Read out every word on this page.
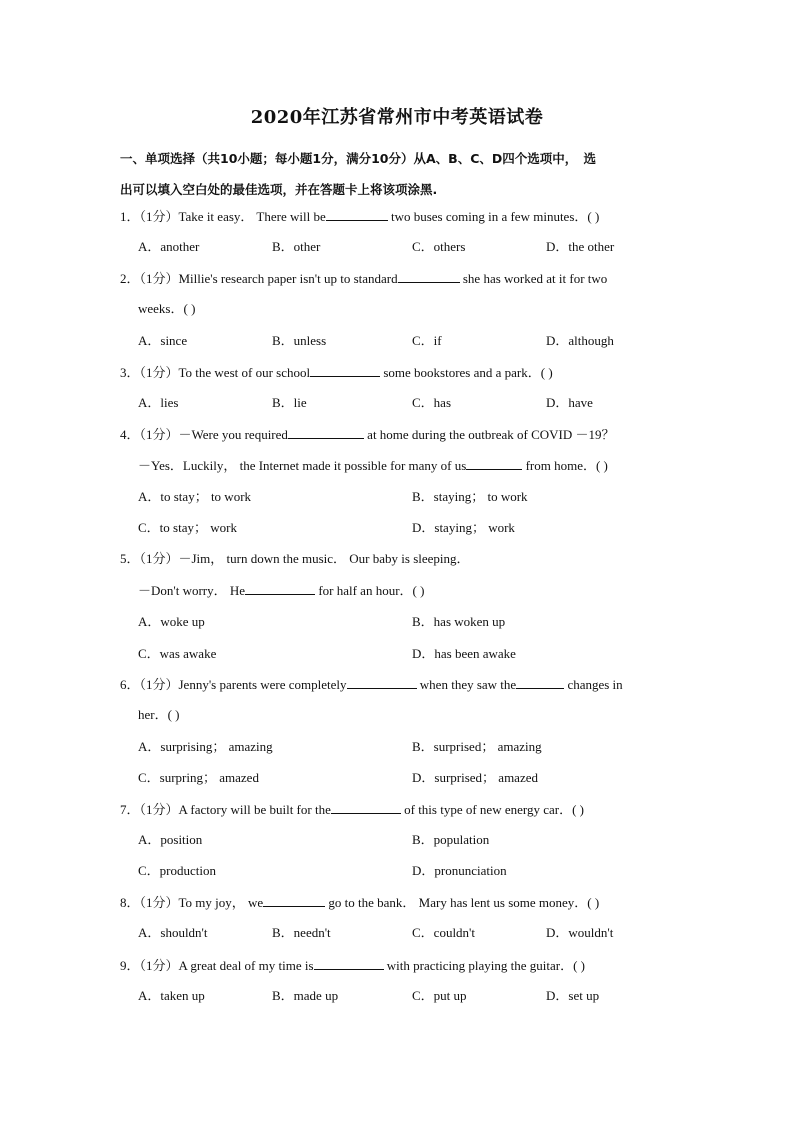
2020年江苏省常州市中考英语试卷
一、单项选择（共10小题；每小题1分，满分10分）从A、B、C、D四个选项中，　选
出可以填入空白处的最佳选项，并在答题卡上将该项涂黑.
1．（1分）Take it easy． There will be	two buses coming in a few minutes．( )
A．another	B．other	C．others	D．the other
2．（1分）Millie's research paper isn't up to standard	she has worked at it for two
weeks．( )
A．since	B．unless	C．if	D．although
3．（1分）To the west of our school	some bookstores and a park．( )
A．lies	B．lie	C．has	D．have
4．（1分）－Were you required	at home during the outbreak of COVID －19？
－Yes．Luckily， the Internet made it possible for many of us	from home．( )
A．to stay； to work	B．staying； to work
C．to stay； work	D．staying； work
5．（1分）－Jim， turn down the music． Our baby is sleeping．
－Don't worry． He	for half an hour．( )
A．woke up	B．has woken up
C．was awake	D．has been awake
6．（1分）Jenny's parents were completely	when they saw the	changes in
her．( )
A．surprising； amazing	B．surprised； amazing
C．surpring； amazed	D．surprised； amazed
7．（1分）A factory will be built for the	of this type of new energy car．( )
A．position	B．population
C．production	D．pronunciation
8．（1分）To my joy， we	go to the bank． Mary has lent us some money．( )
A．shouldn't	B．needn't	C．couldn't	D．wouldn't
9．（1分）A great deal of my time is	with practicing playing the guitar．( )
A．taken up	B．made up	C．put up	D．set up
